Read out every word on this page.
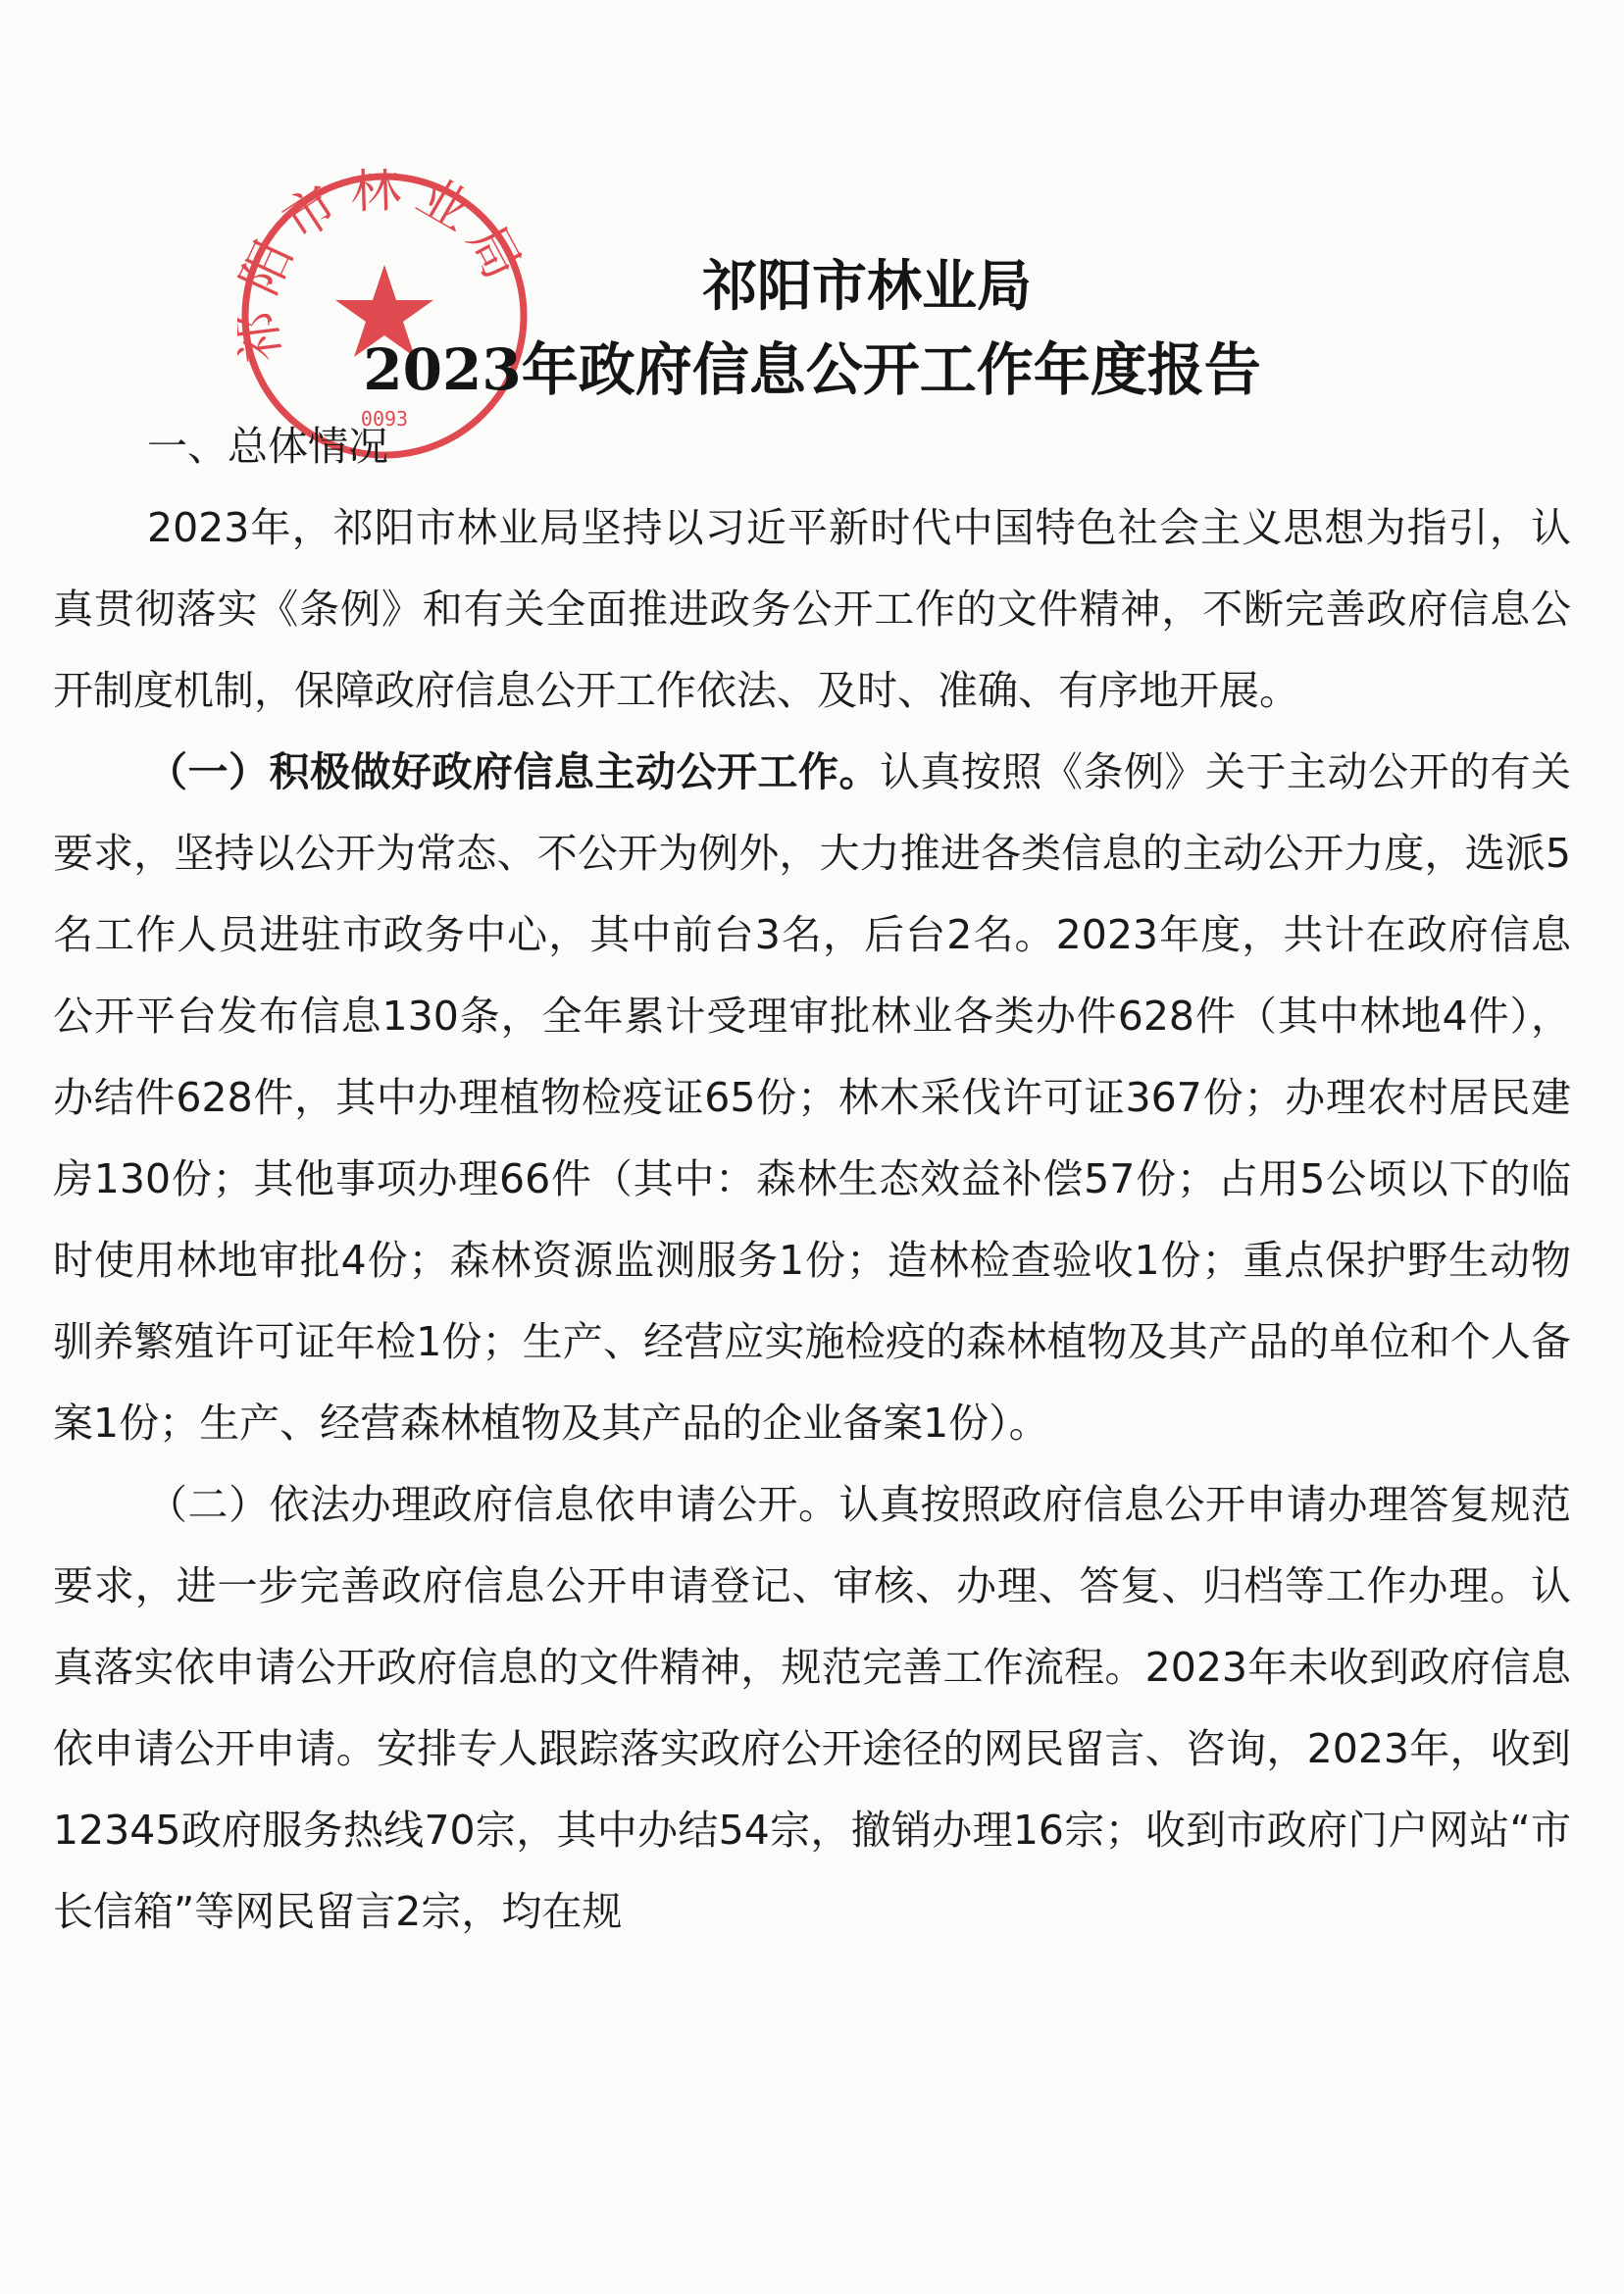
阳市林业局
0093
祁阳市林业局
2023年政府信息公开工作年度报告
一、总体情况

2023年，祁阳市林业局坚持以习近平新时代中国特色社会主义思想为指引，认真贯彻落实《条例》和有关全面推进政务公开工作的文件精神，不断完善政府信息公开制度机制，保障政府信息公开工作依法、及时、准确、有序地开展。

（一）积极做好政府信息主动公开工作。认真按照《条例》关于主动公开的有关要求，坚持以公开为常态、不公开为例外，大力推进各类信息的主动公开力度，选派5名工作人员进驻市政务中心，其中前台3名，后台2名。2023年度，共计在政府信息公开平台发布信息130条，全年累计受理审批林业各类办件628件（其中林地4件），办结件628件，其中办理植物检疫证65份；林木采伐许可证367份；办理农村居民建房130份；其他事项办理66件（其中：森林生态效益补偿57份；占用5公顷以下的临时使用林地审批4份；森林资源监测服务1份；造林检查验收1份；重点保护野生动物驯养繁殖许可证年检1份；生产、经营应实施检疫的森林植物及其产品的单位和个人备案1份；生产、经营森林植物及其产品的企业备案1份）。

（二）依法办理政府信息依申请公开。认真按照政府信息公开申请办理答复规范要求，进一步完善政府信息公开申请登记、审核、办理、答复、归档等工作办理。认真落实依申请公开政府信息的文件精神，规范完善工作流程。2023年未收到政府信息依申请公开申请。安排专人跟踪落实政府公开途径的网民留言、咨询，2023年，收到12345政府服务热线70宗，其中办结54宗，撤销办理16宗；收到市政府门户网站“市长信箱”等网民留言2宗，均在规
